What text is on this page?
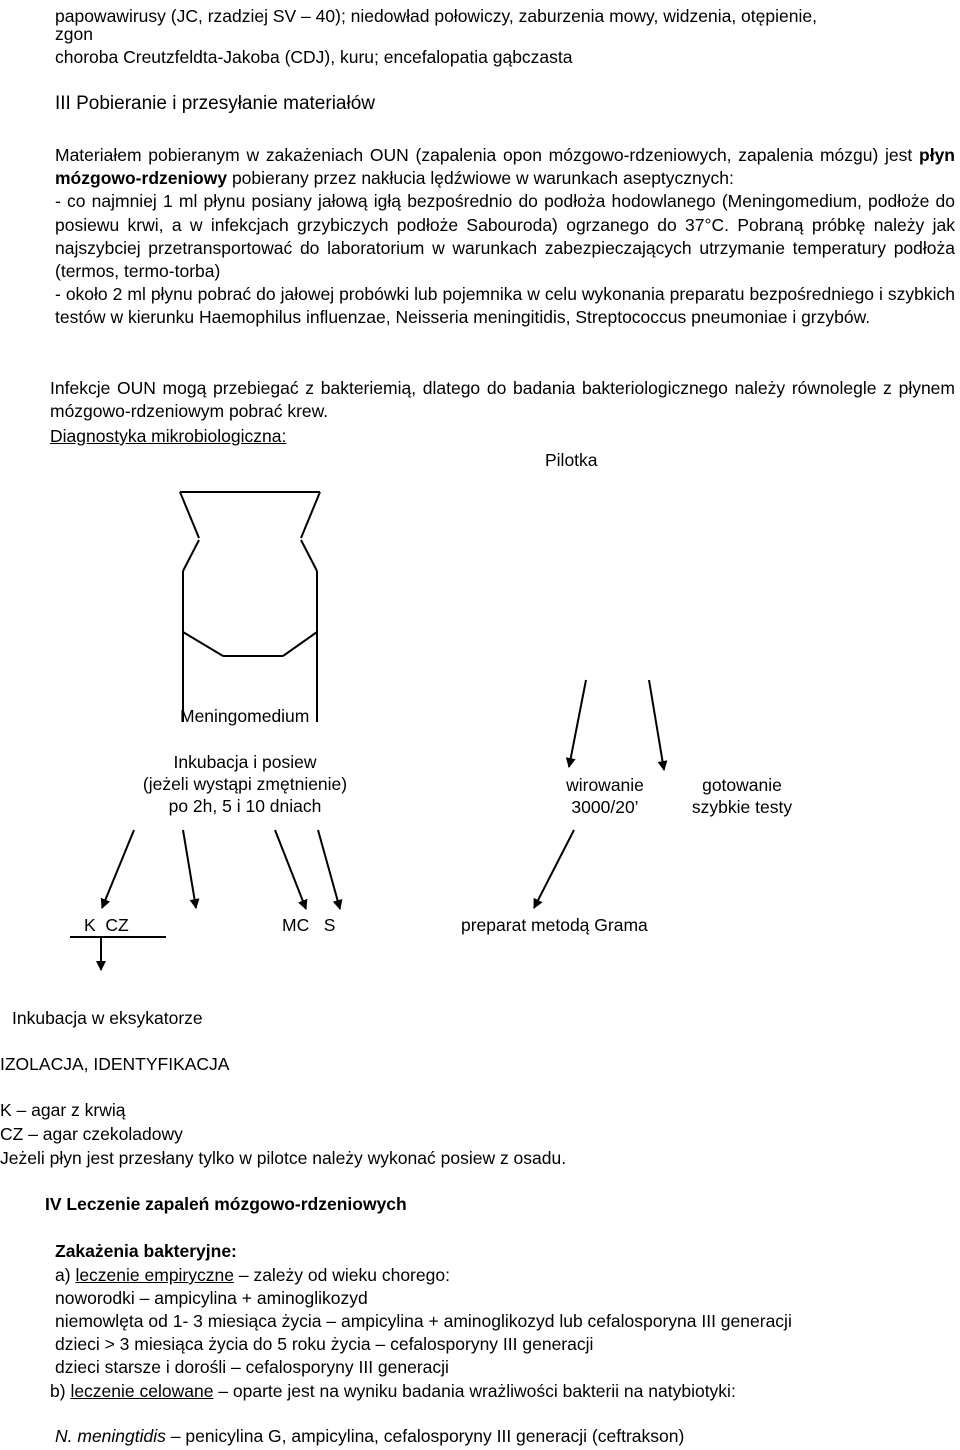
papowawirusy (JC, rzadziej SV – 40); niedowład połowiczy, zaburzenia mowy, widzenia, otępienie,
zgon
choroba Creutzfeldta-Jakoba (CDJ), kuru; encefalopatia gąbczasta
III Pobieranie i przesyłanie materiałów

Materiałem pobieranym w zakażeniach OUN (zapalenia opon mózgowo-rdzeniowych, zapalenia mózgu) jest płyn mózgowo-rdzeniowy pobierany przez nakłucia lędźwiowe w warunkach aseptycznych:

- co najmniej 1 ml płynu posiany jałową igłą bezpośrednio do podłoża hodowlanego (Meningomedium, podłoże do posiewu krwi, a w infekcjach grzybiczych podłoże Sabouroda) ogrzanego do 37°C. Pobraną próbkę należy jak najszybciej przetransportować do laboratorium w warunkach zabezpieczających utrzymanie temperatury podłoża (termos, termo-torba)

- około 2 ml płynu pobrać do jałowej probówki lub pojemnika w celu wykonania preparatu bezpośredniego i szybkich testów w kierunku Haemophilus influenzae, Neisseria meningitidis, Streptococcus pneumoniae i grzybów.

Infekcje OUN mogą przebiegać z bakteriemią, dlatego do badania bakteriologicznego należy równolegle z płynem mózgowo-rdzeniowym pobrać krew.
Diagnostyka mikrobiologiczna:
Pilotka
Meningomedium
Inkubacja i posiew
(jeżeli wystąpi zmętnienie)
po 2h, 5 i 10 dniach
wirowanie
3000/20’
gotowanie
szybkie testy
K  CZ	MC   S	preparat metodą Grama
Inkubacja w eksykatorze
IZOLACJA, IDENTYFIKACJA
K – agar z krwią
CZ – agar czekoladowy
Jeżeli płyn jest przesłany tylko w pilotce należy wykonać posiew z osadu.
IV Leczenie zapaleń mózgowo-rdzeniowych
Zakażenia bakteryjne:
a) leczenie empiryczne – zależy od wieku chorego:
noworodki – ampicylina + aminoglikozyd
niemowlęta od 1- 3 miesiąca życia – ampicylina + aminoglikozyd lub cefalosporyna III generacji
dzieci > 3 miesiąca życia do 5 roku życia – cefalosporyny III generacji
dzieci starsze i dorośli – cefalosporyny III generacji
b) leczenie celowane – oparte jest na wyniku badania wrażliwości bakterii na natybiotyki:
N. meningtidis – penicylina G, ampicylina, cefalosporyny III generacji (ceftrakson)
